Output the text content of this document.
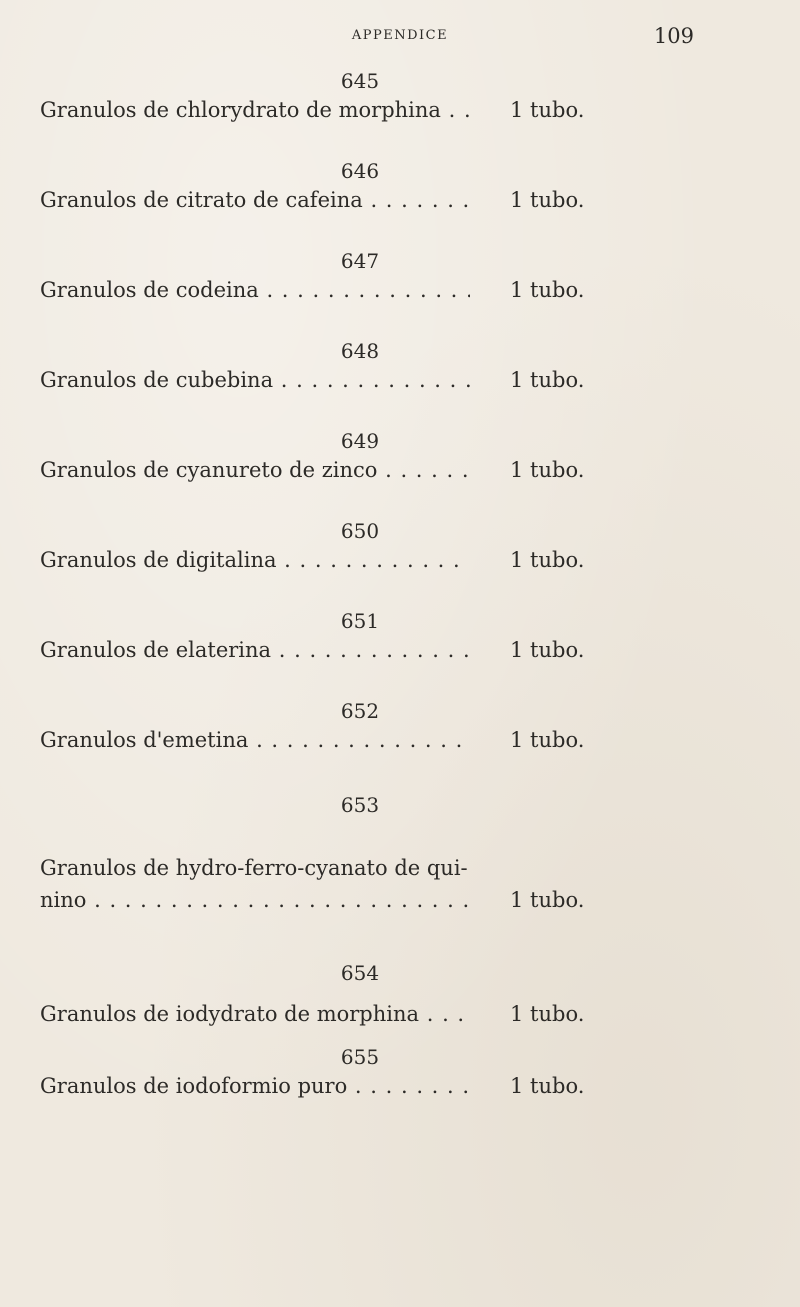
APPENDICE	109
645
Granulos de chlorydrato de morphina . . .	1 tubo.
646
Granulos de citrato de cafeina . . .	1 tubo.
647
Granulos de codeina . . .	1 tubo.
648
Granulos de cubebina . . .	1 tubo.
649
Granulos de cyanureto de zinco . . .	1 tubo.
650
Granulos de digitalina . . .	1 tubo.
651
Granulos de elaterina . . .	1 tubo.
652
Granulos d'emetina . . .	1 tubo.
653
Granulos de hydro-ferro-cyanato de qui-
nino . . .	1 tubo.
654
Granulos de iodydrato de morphina . . .	1 tubo.
655
Granulos de iodoformio puro . . .	1 tubo.
